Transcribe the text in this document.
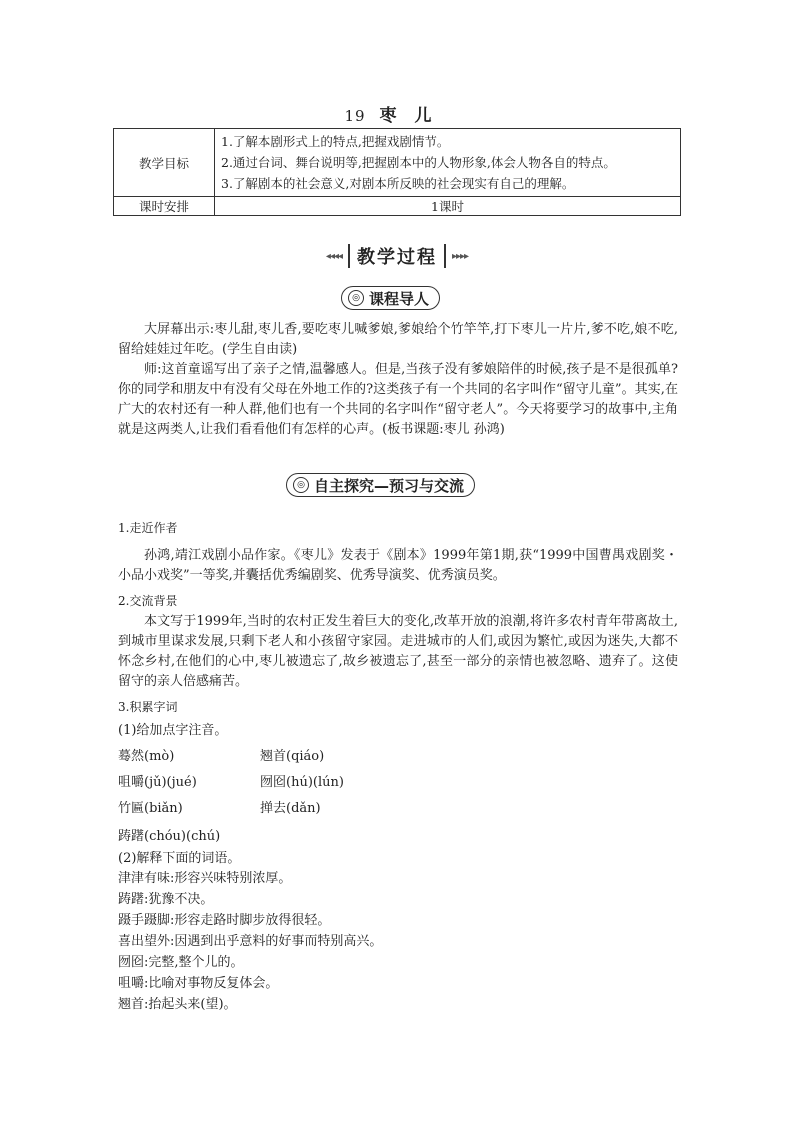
19 枣儿
教学目标	1.了解本剧形式上的特点,把握戏剧情节。
2.通过台词、舞台说明等,把握剧本中的人物形象,体会人物各自的特点。
3.了解剧本的社会意义,对剧本所反映的社会现实有自己的理解。

课时安排	1课时
◂◂◂◂ 教学过程	▸▸▸▸
◎ 课程导人
大屏幕出示:枣儿甜,枣儿香,要吃枣儿喊爹娘,爹娘给个竹竿竿,打下枣儿一片片,爹不吃,娘不吃,留给娃娃过年吃。(学生自由读)
师:这首童谣写出了亲子之情,温馨感人。但是,当孩子没有爹娘陪伴的时候,孩子是不是很孤单?你的同学和朋友中有没有父母在外地工作的?这类孩子有一个共同的名字叫作“留守儿童”。其实,在广大的农村还有一种人群,他们也有一个共同的名字叫作“留守老人”。今天将要学习的故事中,主角就是这两类人,让我们看看他们有怎样的心声。(板书课题:枣儿 孙鸿)
◎ 自主探究—预习与交流
1.走近作者
孙鸿,靖江戏剧小品作家。《枣儿》发表于《剧本》1999年第1期,获“1999中国曹禺戏剧奖・小品小戏奖”一等奖,并囊括优秀编剧奖、优秀导演奖、优秀演员奖。
2.交流背景
本文写于1999年,当时的农村正发生着巨大的变化,改革开放的浪潮,将许多农村青年带离故土,到城市里谋求发展,只剩下老人和小孩留守家园。走进城市的人们,或因为繁忙,或因为迷失,大都不怀念乡村,在他们的心中,枣儿被遗忘了,故乡被遗忘了,甚至一部分的亲情也被忽略、遗弃了。这使留守的亲人倍感痛苦。
3.积累字词
(1)给加点字注音。
蓦然(mò)	翘首(qiáo)
咀嚼(jǔ)(jué)	囫囵(hú)(lún)
竹匾(biǎn)	掸去(dǎn)
踌躇(chóu)(chú)
(2)解释下面的词语。
津津有味:形容兴味特别浓厚。
踌躇:犹豫不决。
蹑手蹑脚:形容走路时脚步放得很轻。
喜出望外:因遇到出乎意料的好事而特别高兴。
囫囵:完整,整个儿的。
咀嚼:比喻对事物反复体会。
翘首:抬起头来(望)。
